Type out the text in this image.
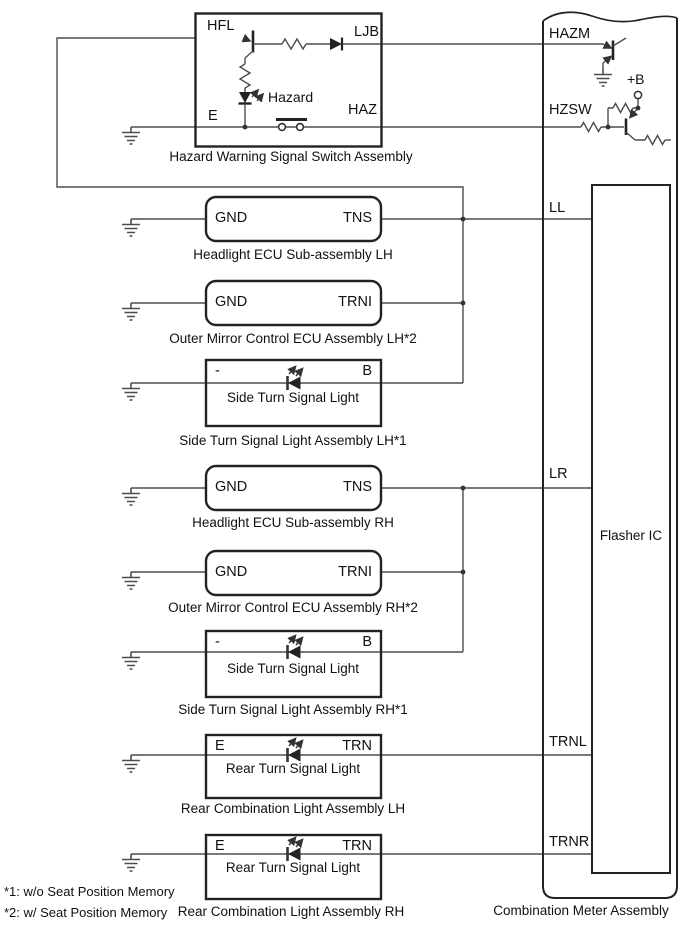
HFL	LJB
E	HAZ
Hazard
Hazard Warning Signal Switch Assembly
GND	TNS
Headlight ECU Sub-assembly LH
GND	TRNI
Outer Mirror Control ECU Assembly LH*2
-	B
Side Turn Signal Light
Side Turn Signal Light Assembly LH*1
GND	TNS
Headlight ECU Sub-assembly RH
GND	TRNI
Outer Mirror Control ECU Assembly RH*2
-	B
Side Turn Signal Light
Side Turn Signal Light Assembly RH*1
E	TRN
Rear Turn Signal Light
Rear Combination Light Assembly LH
E	TRN
Rear Turn Signal Light
Rear Combination Light Assembly RH
HAZM
HZSW
LL
LR
TRNL
TRNR
+B
Flasher IC
Combination Meter Assembly
*1: w/o Seat Position Memory
*2: w/ Seat Position Memory
